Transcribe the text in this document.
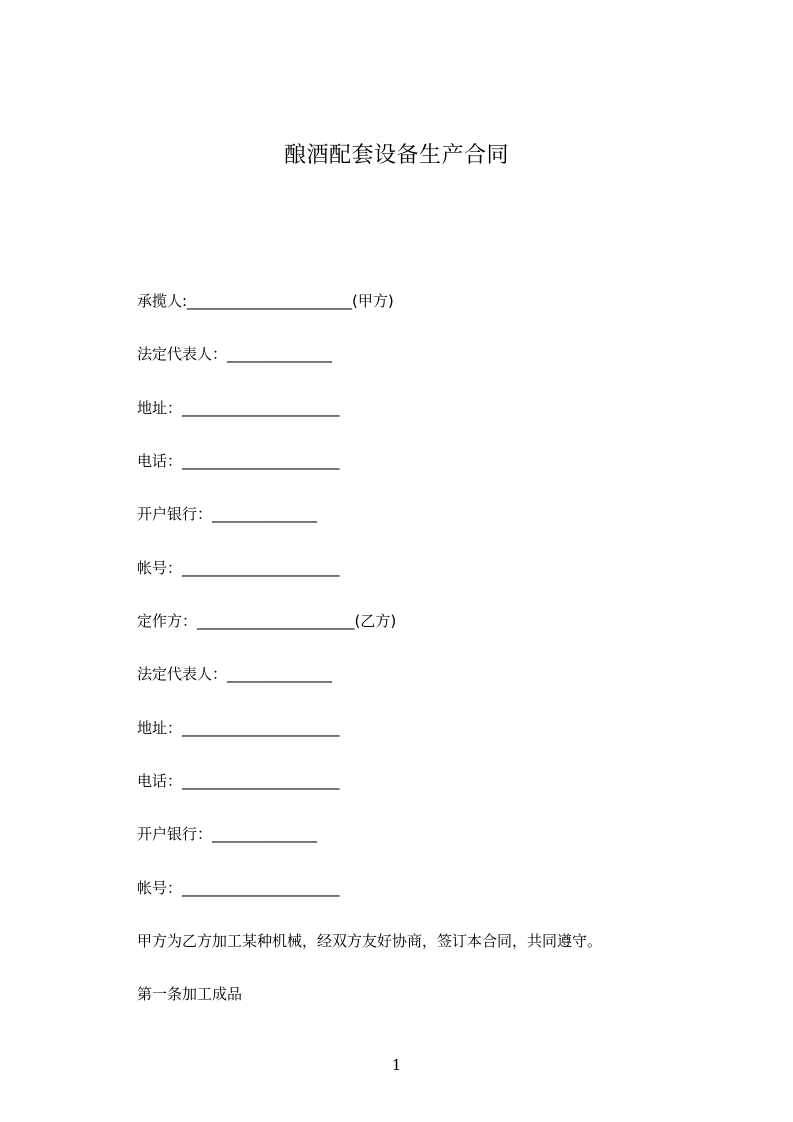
酿酒配套设备生产合同
承揽人:______________________(甲方)
法定代表人：______________
地址：_____________________
电话：_____________________
开户银行：______________
帐号：_____________________
定作方：_____________________(乙方)
法定代表人：______________
地址：_____________________
电话：_____________________
开户银行：______________
帐号：_____________________
甲方为乙方加工某种机械，经双方友好协商，签订本合同，共同遵守。
第一条加工成品
1
